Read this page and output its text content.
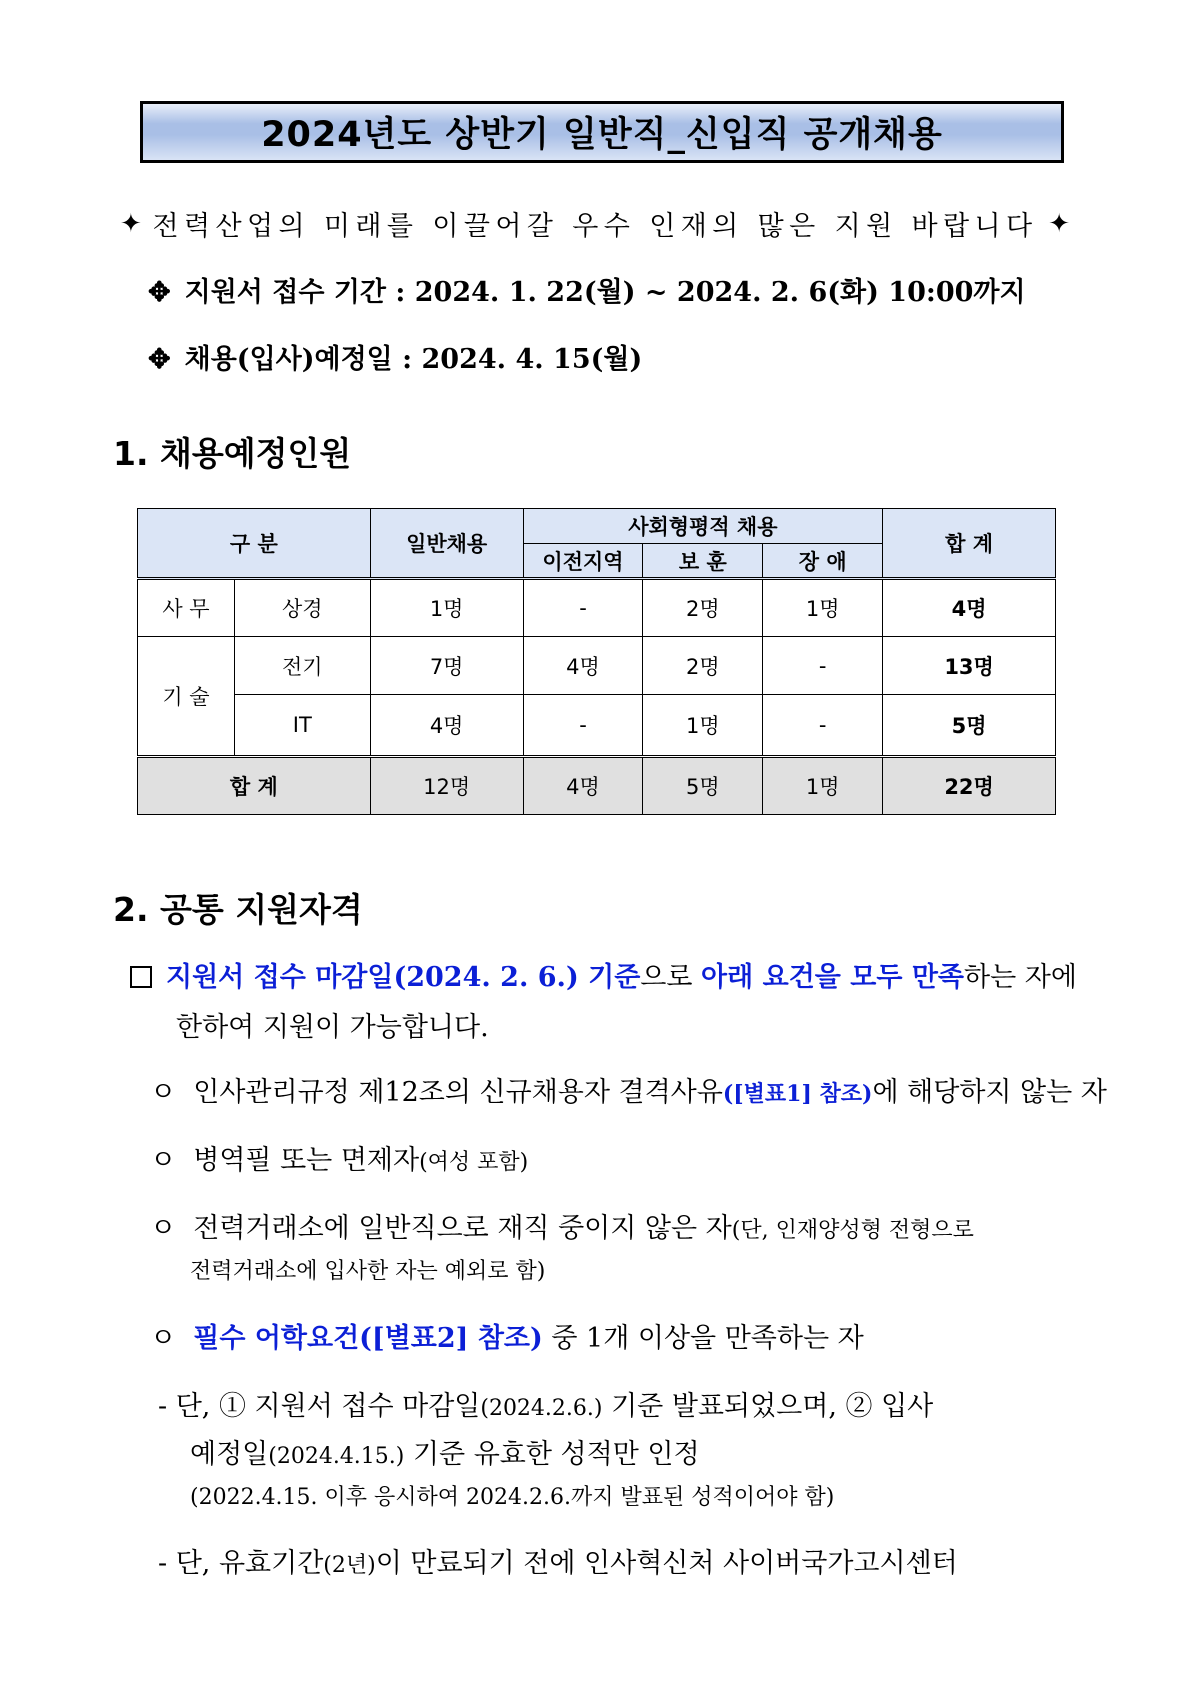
2024년도 상반기 일반직_신입직 공개채용
✦ 전력산업의 미래를 이끌어갈 우수 인재의 많은 지원 바랍니다 ✦
✥ 지원서 접수 기간 : 2024. 1. 22(월) ~ 2024. 2. 6(화) 10:00까지
✥ 채용(입사)예정일 : 2024. 4. 15(월)
1. 채용예정인원
구 분		일반채용	사회형평적 채용			합 계
			이전지역	보 훈	장 애	
사 무	상경	1명	-	2명	1명	4명
기 술	전기	7명	4명	2명	-	13명
	IT	4명	-	1명	-	5명
합 계		12명	4명	5명	1명	22명
2. 공통 지원자격
지원서 접수 마감일(2024. 2. 6.) 기준으로 아래 요건을 모두 만족하는 자에
한하여 지원이 가능합니다.
ㅇ 인사관리규정 제12조의 신규채용자 결격사유([별표1] 참조)에 해당하지 않는 자
ㅇ 병역필 또는 면제자(여성 포함)
ㅇ 전력거래소에 일반직으로 재직 중이지 않은 자(단, 인재양성형 전형으로
전력거래소에 입사한 자는 예외로 함)
ㅇ 필수 어학요건([별표2] 참조) 중 1개 이상을 만족하는 자
- 단, ① 지원서 접수 마감일(2024.2.6.) 기준 발표되었으며, ② 입사
예정일(2024.4.15.) 기준 유효한 성적만 인정
(2022.4.15. 이후 응시하여 2024.2.6.까지 발표된 성적이어야 함)
- 단, 유효기간(2년)이 만료되기 전에 인사혁신처 사이버국가고시센터
